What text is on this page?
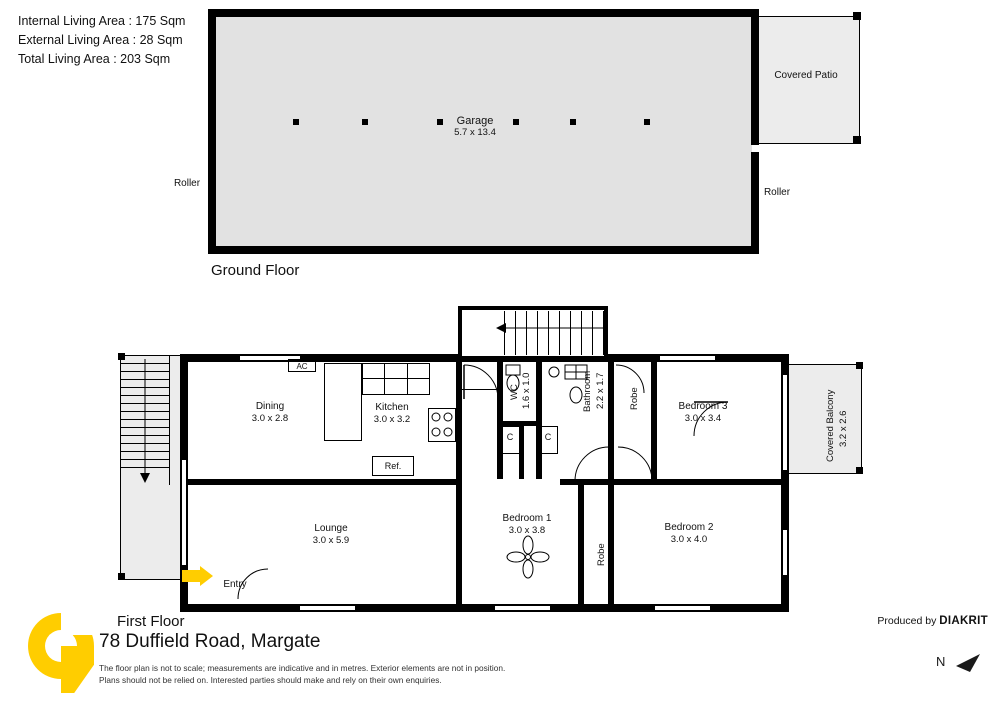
Internal Living Area : 175 Sqm
External Living Area : 28 Sqm
Total Living Area : 203 Sqm
Covered Patio
Garage
5.7 x 13.4
Roller
Roller
Ground Floor
Covered Balcony 3.2 x 2.6
Ref.
AC
C	C
Robe
Robe
WC 1.6 x 1.0	Bathroom 2.2 x 1.7
Dining
3.0 x 2.8
Kitchen
3.0 x 3.2
Lounge
3.0 x 5.9
Bedroom 1
3.0 x 3.8	Bedroom 2
3.0 x 4.0
Bedroom 3
3.0 x 3.4
Entry
First Floor
78 Duffield Road, Margate
The floor plan is not to scale; measurements are indicative and in metres. Exterior elements are not in position.
Plans should not be relied on. Interested parties should make and rely on their own enquiries.
Produced by DIAKRIT
N
